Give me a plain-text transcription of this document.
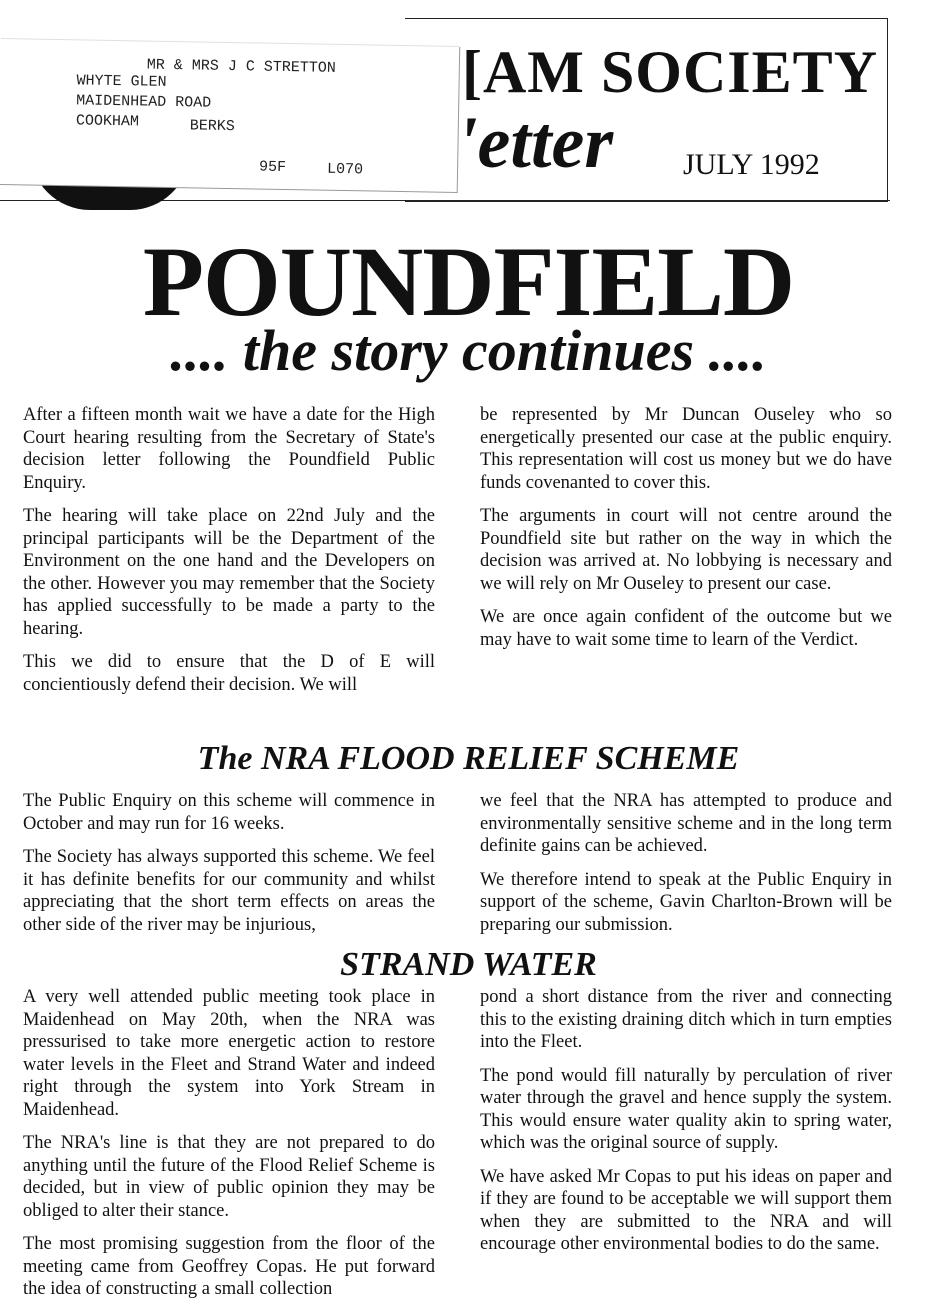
[AM SOCIETY
'etter JULY 1992
MR & MRS J C STRETTON
WHYTE GLEN
MAIDENHEAD ROAD
COOKHAM	BERKS
95F	L070
POUNDFIELD
.... the story continues ....

After a fifteen month wait we have a date for the High Court hearing resulting from the Secretary of State's decision letter following the Poundfield Public Enquiry.

The hearing will take place on 22nd July and the principal participants will be the Department of the Environment on the one hand and the Developers on the other. However you may remember that the Society has applied successfully to be made a party to the hearing.

This we did to ensure that the D of E will concientiously defend their decision. We will

be represented by Mr Duncan Ouseley who so energetically presented our case at the public enquiry. This representation will cost us money but we do have funds covenanted to cover this.

The arguments in court will not centre around the Poundfield site but rather on the way in which the decision was arrived at. No lobbying is necessary and we will rely on Mr Ouseley to present our case.

We are once again confident of the outcome but we may have to wait some time to learn of the Verdict.

The NRA FLOOD RELIEF SCHEME

The Public Enquiry on this scheme will commence in October and may run for 16 weeks.

The Society has always supported this scheme. We feel it has definite benefits for our community and whilst appreciating that the short term effects on areas the other side of the river may be injurious,

we feel that the NRA has attempted to produce and environmentally sensitive scheme and in the long term definite gains can be achieved.

We therefore intend to speak at the Public Enquiry in support of the scheme, Gavin Charlton-Brown will be preparing our submission.

STRAND WATER

A very well attended public meeting took place in Maidenhead on May 20th, when the NRA was pressurised to take more energetic action to restore water levels in the Fleet and Strand Water and indeed right through the system into York Stream in Maidenhead.

The NRA's line is that they are not prepared to do anything until the future of the Flood Relief Scheme is decided, but in view of public opinion they may be obliged to alter their stance.

The most promising suggestion from the floor of the meeting came from Geoffrey Copas. He put forward the idea of constructing a small collection

pond a short distance from the river and connecting this to the existing draining ditch which in turn empties into the Fleet.

The pond would fill naturally by perculation of river water through the gravel and hence supply the system. This would ensure water quality akin to spring water, which was the original source of supply.

We have asked Mr Copas to put his ideas on paper and if they are found to be acceptable we will support them when they are submitted to the NRA and will encourage other environmental bodies to do the same.
